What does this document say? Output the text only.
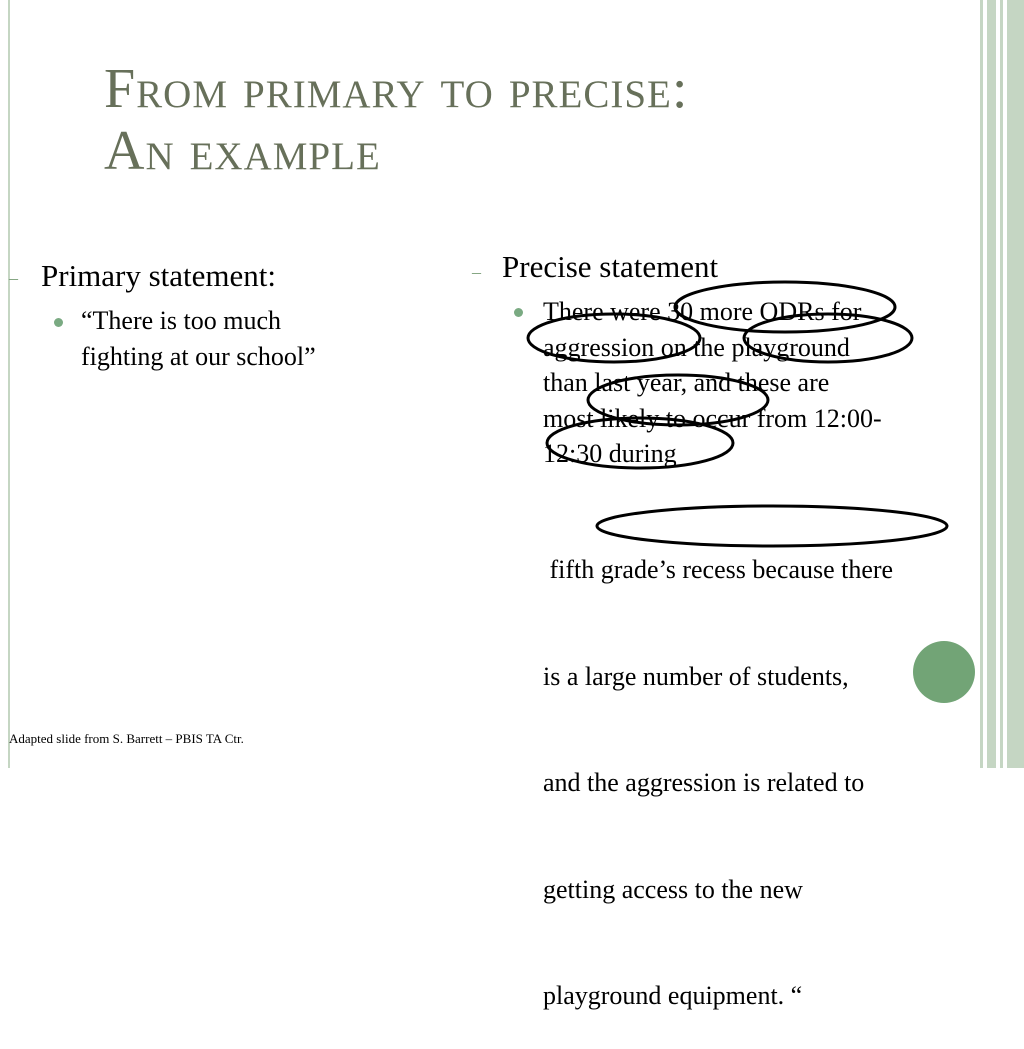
From primary to precise:
An example
– Primary statement:
“There is too much
fighting at our school”
– Precise statement
There were 30 more ODRs for
aggression on the playground
than last year, and these are
most likely to occur from 12:00-
12:30 during

fifth grade’s recess because there

is a large number of students,

and the aggression is related to

getting access to the new

playground equipment. “

Adapted slide from S. Barrett – PBIS TA Ctr.
